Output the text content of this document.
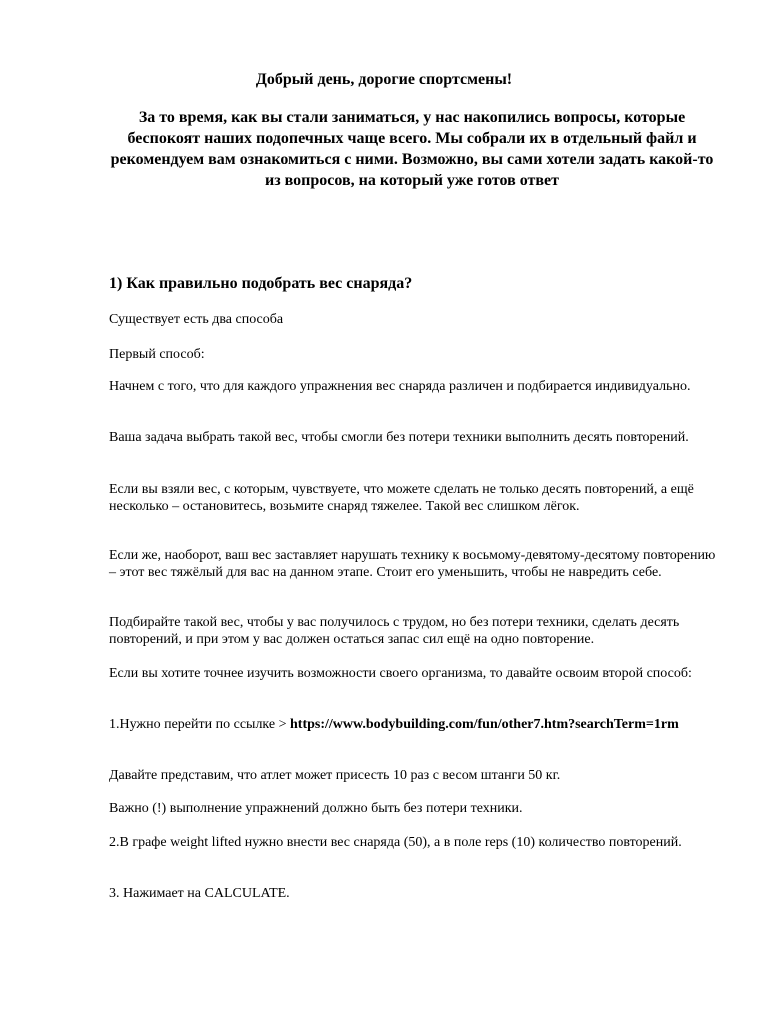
Добрый день, дорогие спортсмены!
За то время, как вы стали заниматься, у нас накопились вопросы, которые беспокоят наших подопечных чаще всего. Мы собрали их в отдельный файл и рекомендуем вам ознакомиться с ними. Возможно, вы сами хотели задать какой-то из вопросов, на который уже готов ответ
1) Как правильно подобрать вес снаряда?

Существует есть два способа

Первый способ:

Начнем с того, что для каждого упражнения вес снаряда различен и подбирается индивидуально.

Ваша задача выбрать такой вес, чтобы смогли без потери техники выполнить десять повторений.

Если вы взяли вес, с которым, чувствуете, что можете сделать не только десять повторений, а ещё несколько – остановитесь, возьмите снаряд тяжелее. Такой вес слишком лёгок.

Если же, наоборот, ваш вес заставляет нарушать технику к восьмому-девятому-десятому повторению – этот вес тяжёлый для вас на данном этапе. Стоит его уменьшить, чтобы не навредить себе.

Подбирайте такой вес, чтобы у вас получилось с трудом, но без потери техники, сделать десять повторений, и при этом у вас должен остаться запас сил ещё на одно повторение.

Если вы хотите точнее изучить возможности своего организма, то давайте освоим второй способ:

1.Нужно перейти по ссылке > https://www.bodybuilding.com/fun/other7.htm?searchTerm=1rm

Давайте представим, что атлет может присесть 10 раз с весом штанги 50 кг.

Важно (!) выполнение упражнений должно быть без потери техники.

2.В графе weight lifted нужно внести вес снаряда (50), а в поле reps (10) количество повторений.

3. Нажимает на CALCULATE.
